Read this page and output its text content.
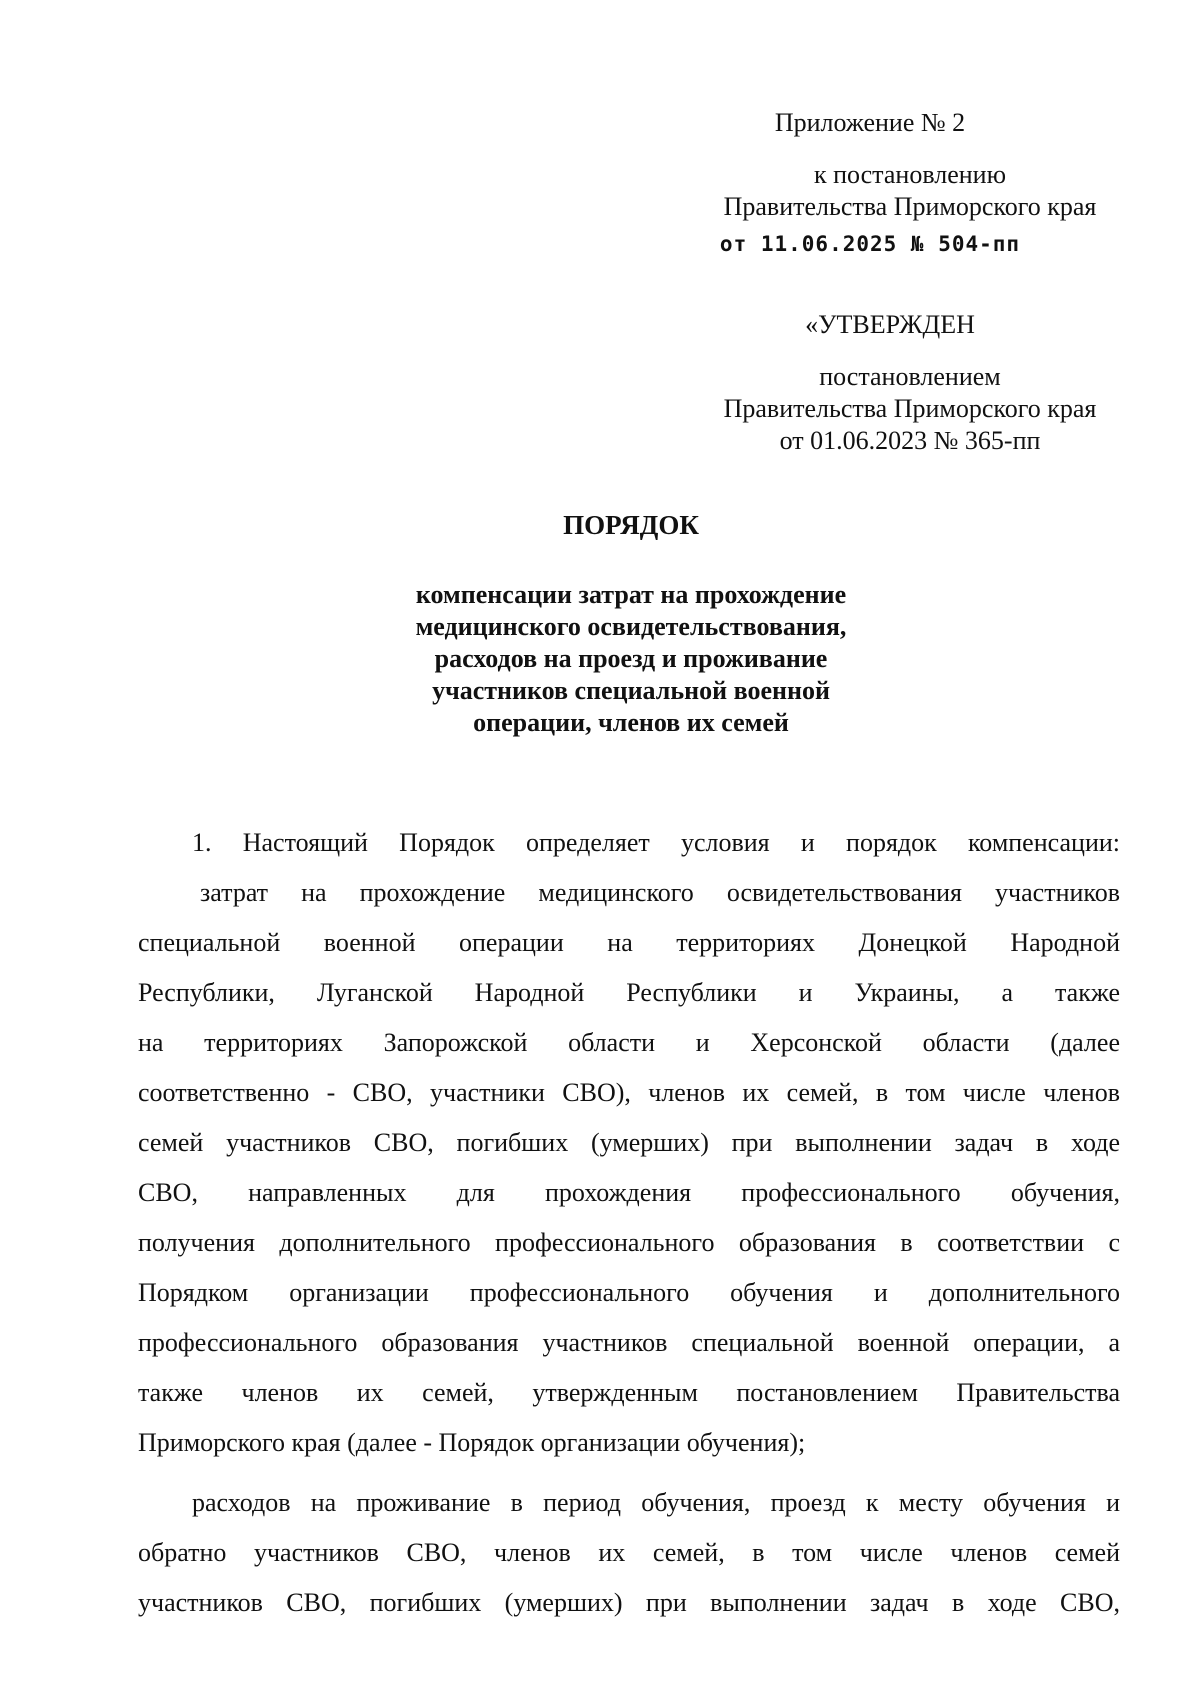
Приложение № 2
к постановлению
Правительства Приморского края
от 11.06.2025 № 504-пп
«УТВЕРЖДЕН
постановлением
Правительства Приморского края
от 01.06.2023 № 365-пп
ПОРЯДОК
компенсации затрат на прохождение
медицинского освидетельствования,
расходов на проезд и проживание
участников специальной военной
операции, членов их семей
1. Настоящий Порядок определяет условия и порядок компенсации:
затрат на прохождение медицинского освидетельствования участников
специальной военной операции на территориях Донецкой Народной
Республики, Луганской Народной Республики и Украины, а также
на территориях Запорожской области и Херсонской области (далее
соответственно - СВО, участники СВО), членов их семей, в том числе членов
семей участников СВО, погибших (умерших) при выполнении задач в ходе
СВО, направленных для прохождения профессионального обучения,
получения дополнительного профессионального образования в соответствии с
Порядком организации профессионального обучения и дополнительного
профессионального образования участников специальной военной операции, а
также членов их семей, утвержденным постановлением Правительства
Приморского края (далее - Порядок организации обучения);
расходов на проживание в период обучения, проезд к месту обучения и
обратно участников СВО, членов их семей, в том числе членов семей
участников СВО, погибших (умерших) при выполнении задач в ходе СВО,
